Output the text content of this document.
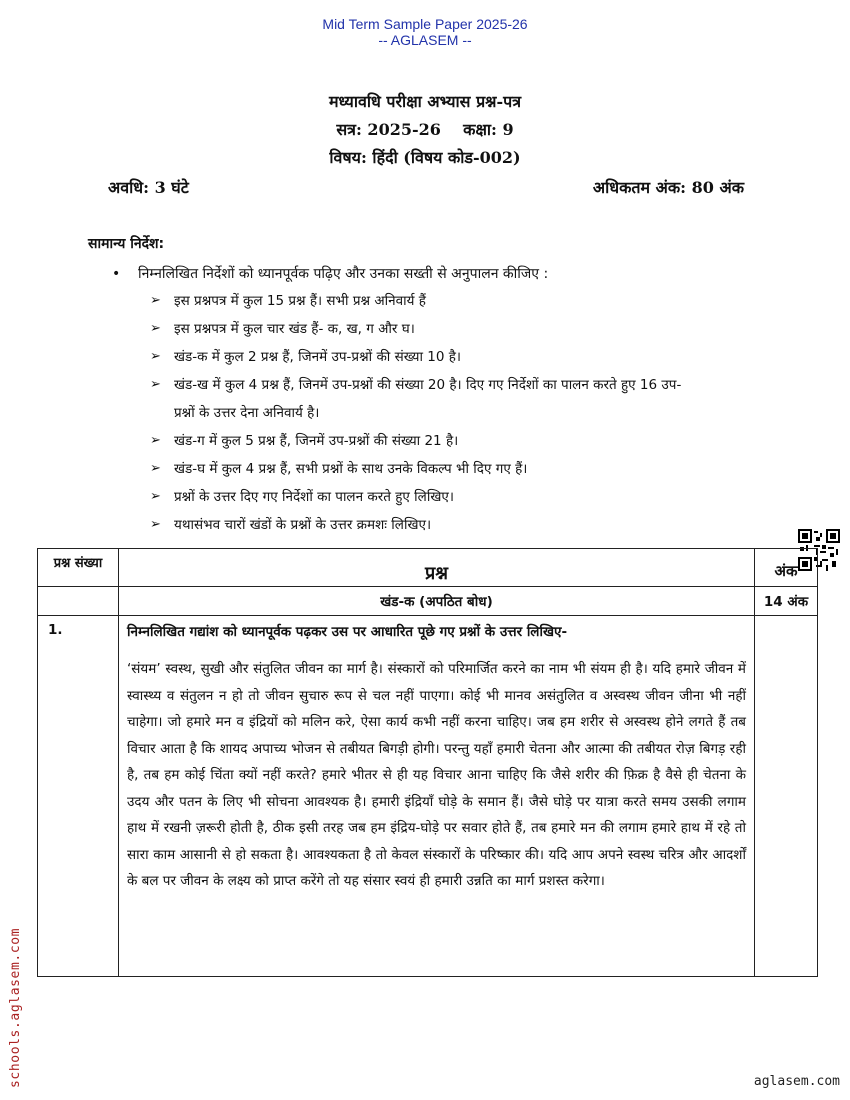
Mid Term Sample Paper 2025-26
-- AGLASEM --
मध्यावधि परीक्षा अभ्यास प्रश्न-पत्र
सत्र: 2025-26    कक्षा: 9
विषय: हिंदी (विषय कोड-002)
अवधि: 3 घंटे	अधिकतम अंक: 80 अंक
सामान्य निर्देश:
• निम्नलिखित निर्देशों को ध्यानपूर्वक पढ़िए और उनका सख्ती से अनुपालन कीजिए :
➢ इस प्रश्नपत्र में कुल 15 प्रश्न हैं। सभी प्रश्न अनिवार्य हैं
➢ इस प्रश्नपत्र में कुल चार खंड हैं- क, ख, ग और घ।
➢ खंड-क में कुल 2 प्रश्न हैं, जिनमें उप-प्रश्नों की संख्या 10 है।
➢ खंड-ख में कुल 4 प्रश्न हैं, जिनमें उप-प्रश्नों की संख्या 20 है। दिए गए निर्देशों का पालन करते हुए 16 उप-प्रश्नों के उत्तर देना अनिवार्य है।
➢ खंड-ग में कुल 5 प्रश्न हैं, जिनमें उप-प्रश्नों की संख्या 21 है।
➢ खंड-घ में कुल 4 प्रश्न हैं, सभी प्रश्नों के साथ उनके विकल्प भी दिए गए हैं।
➢ प्रश्नों के उत्तर दिए गए निर्देशों का पालन करते हुए लिखिए।
➢ यथासंभव चारों खंडों के प्रश्नों के उत्तर क्रमशः लिखिए।
प्रश्न संख्या	प्रश्न	अंक
	खंड-क (अपठित बोध)	14 अंक
1.	निम्नलिखित गद्यांश को ध्यानपूर्वक पढ़कर उस पर आधारित पूछे गए प्रश्नों के उत्तर लिखिए-

‘संयम’ स्वस्थ, सुखी और संतुलित जीवन का मार्ग है। संस्कारों को परिमार्जित करने का नाम भी संयम ही है। यदि हमारे जीवन में स्वास्थ्य व संतुलन न हो तो जीवन सुचारु रूप से चल नहीं पाएगा। कोई भी मानव असंतुलित व अस्वस्थ जीवन जीना भी नहीं चाहेगा। जो हमारे मन व इंद्रियों को मलिन करे, ऐसा कार्य कभी नहीं करना चाहिए। जब हम शरीर से अस्वस्थ होने लगते हैं तब विचार आता है कि शायद अपाच्य भोजन से तबीयत बिगड़ी होगी। परन्तु यहाँ हमारी चेतना और आत्मा की तबीयत रोज़ बिगड़ रही है, तब हम कोई चिंता क्यों नहीं करते? हमारे भीतर से ही यह विचार आना चाहिए कि जैसे शरीर की फ़िक्र है वैसे ही चेतना के उदय और पतन के लिए भी सोचना आवश्यक है। हमारी इंद्रियाँ घोड़े के समान हैं। जैसे घोड़े पर यात्रा करते समय उसकी लगाम हाथ में रखनी ज़रूरी होती है, ठीक इसी तरह जब हम इंद्रिय-घोड़े पर सवार होते हैं, तब हमारे मन की लगाम हमारे हाथ में रहे तो सारा काम आसानी से हो सकता है। आवश्यकता है तो केवल संस्कारों के परिष्कार की। यदि आप अपने स्वस्थ चरित्र और आदर्शों के बल पर जीवन के लक्ष्य को प्राप्त करेंगे तो यह संसार स्वयं ही हमारी उन्नति का मार्ग प्रशस्त करेगा।	

schools.aglasem.com	aglasem.com
